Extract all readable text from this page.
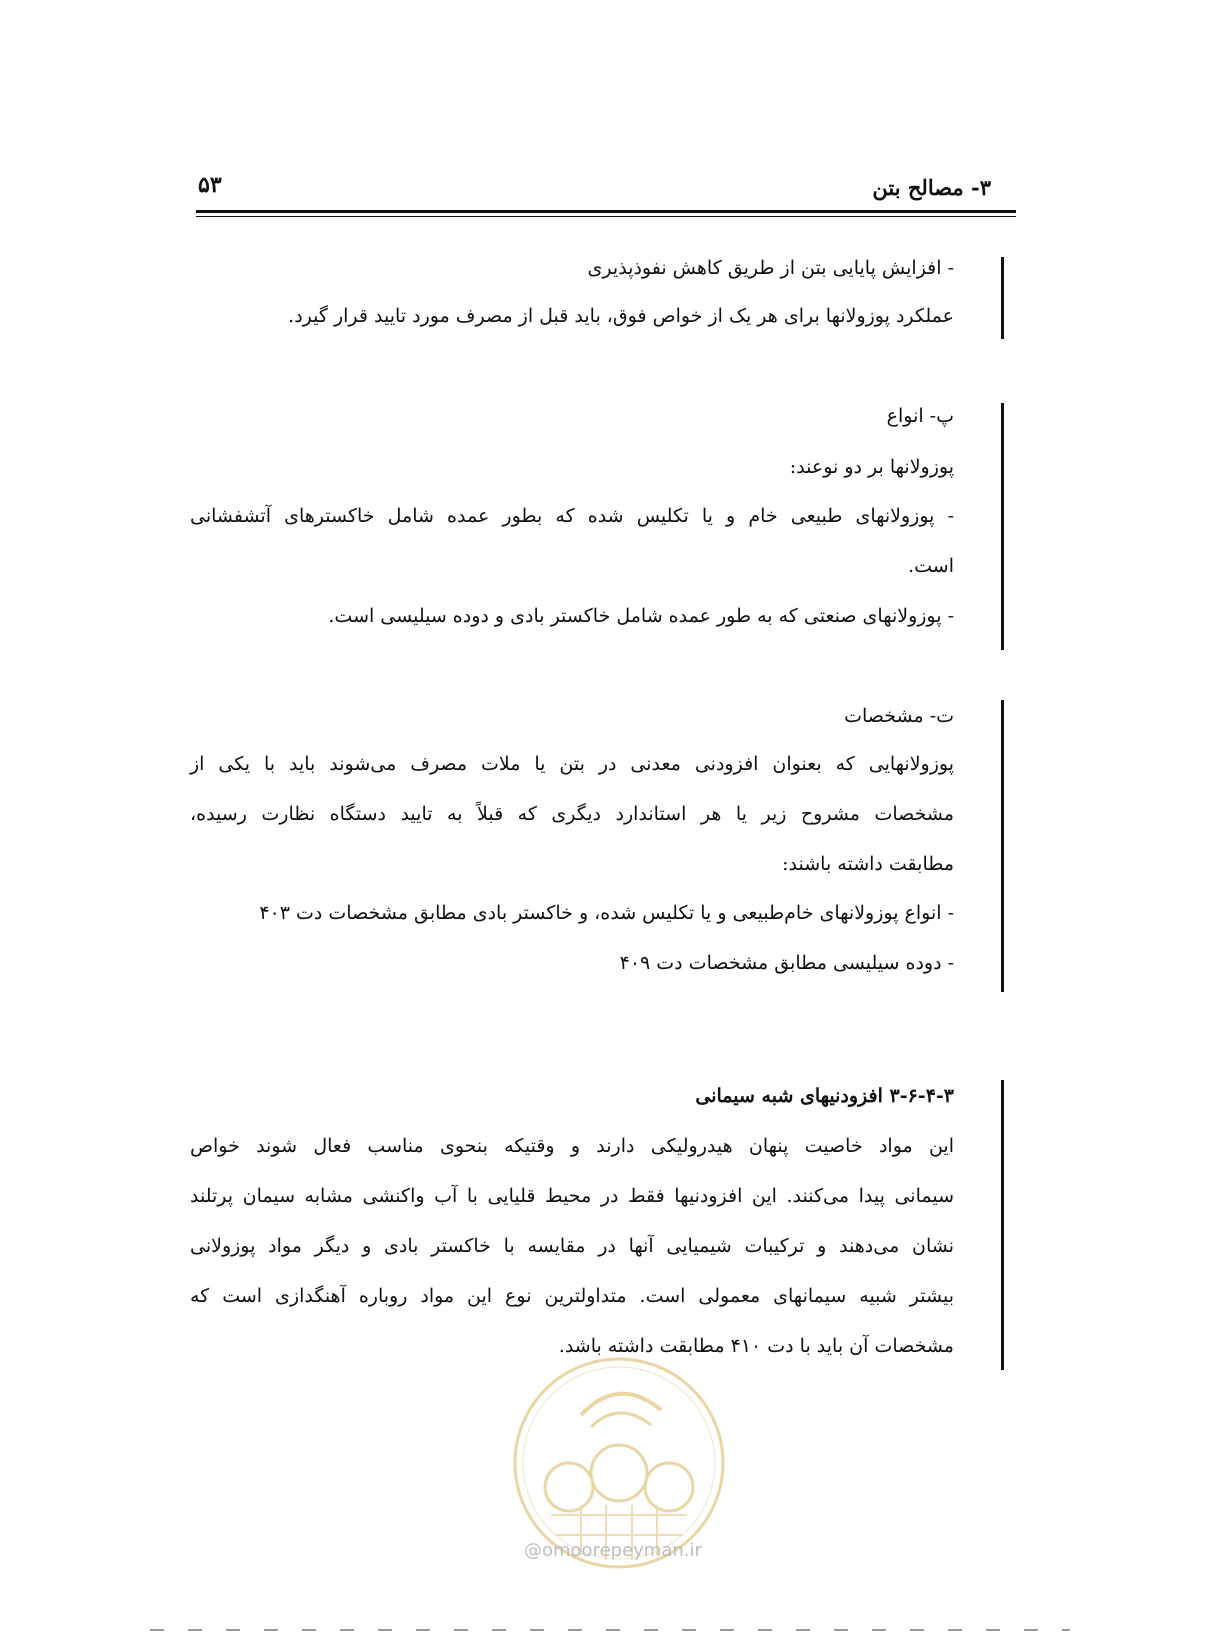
۳- مصالح بتن
۵۳
- افزایش پایایی بتن از طریق کاهش نفوذپذیری
عملکرد پوزولانها برای هر یک از خواص فوق، باید قبل از مصرف مورد تایید قرار گیرد.
پ- انواع
پوزولانها بر دو نوعند:
- پوزولانهای طبیعی خام و یا تکلیس شده که بطور عمده شامل خاکسترهای آتشفشانی
است.
- پوزولانهای صنعتی که به طور عمده شامل خاکستر بادی و دوده سیلیسی است.
ت- مشخصات
پوزولانهایی که بعنوان افزودنی معدنی در بتن یا ملات مصرف می‌شوند باید با یکی از
مشخصات مشروح زیر یا هر استاندارد دیگری که قبلاً به تایید دستگاه نظارت رسیده،
مطابقت داشته باشند:
- انواع پوزولانهای خام‌طبیعی و یا تکلیس شده، و خاکستر بادی مطابق مشخصات دت ۴۰۳
- دوده سیلیسی مطابق مشخصات دت ۴۰۹
۳-۶-۴-۳ افزودنیهای شبه سیمانی
این مواد خاصیت پنهان هیدرولیکی دارند و وقتیکه بنحوی مناسب فعال شوند خواص
سیمانی پیدا می‌کنند. این افزودنیها فقط در محیط قلیایی با آب واکنشی مشابه سیمان پرتلند
نشان می‌دهند و ترکیبات شیمیایی آنها در مقایسه با خاکستر بادی و دیگر مواد پوزولانی
بیشتر شبیه سیمانهای معمولی است. متداولترین نوع این مواد روباره آهنگدازی است که
مشخصات آن باید با دت ۴۱۰ مطابقت داشته باشد.
@omoorepeyman.ir
